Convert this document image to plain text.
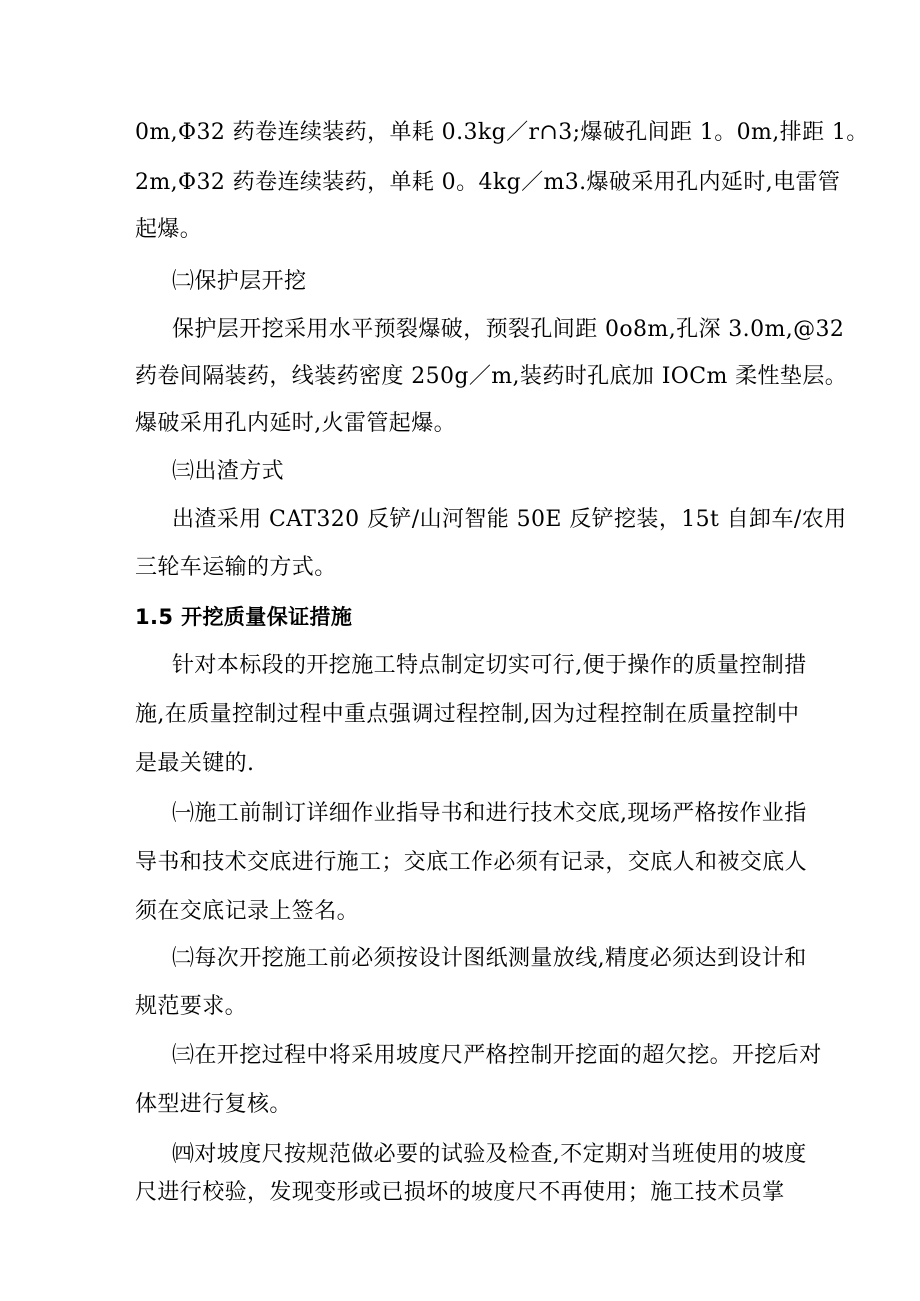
0m,Φ32 药卷连续装药，单耗 0.3kg／r∩3;爆破孔间距 1。0m,排距 1。

2m,Φ32 药卷连续装药，单耗 0。4kg／m3.爆破采用孔内延时,电雷管

起爆。

㈡保护层开挖

保护层开挖采用水平预裂爆破，预裂孔间距 0o8m,孔深 3.0m,@32

药卷间隔装药，线装药密度 250g／m,装药时孔底加 IOCm 柔性垫层。

爆破采用孔内延时,火雷管起爆。

㈢出渣方式

出渣采用 CAT320 反铲/山河智能 50E 反铲挖装，15t 自卸车/农用

三轮车运输的方式。

1.5 开挖质量保证措施

针对本标段的开挖施工特点制定切实可行,便于操作的质量控制措

施,在质量控制过程中重点强调过程控制,因为过程控制在质量控制中

是最关键的.

㈠施工前制订详细作业指导书和进行技术交底,现场严格按作业指

导书和技术交底进行施工；交底工作必须有记录，交底人和被交底人

须在交底记录上签名。

㈡每次开挖施工前必须按设计图纸测量放线,精度必须达到设计和

规范要求。

㈢在开挖过程中将采用坡度尺严格控制开挖面的超欠挖。开挖后对

体型进行复核。

㈣对坡度尺按规范做必要的试验及检查,不定期对当班使用的坡度

尺进行校验，发现变形或已损坏的坡度尺不再使用；施工技术员掌
